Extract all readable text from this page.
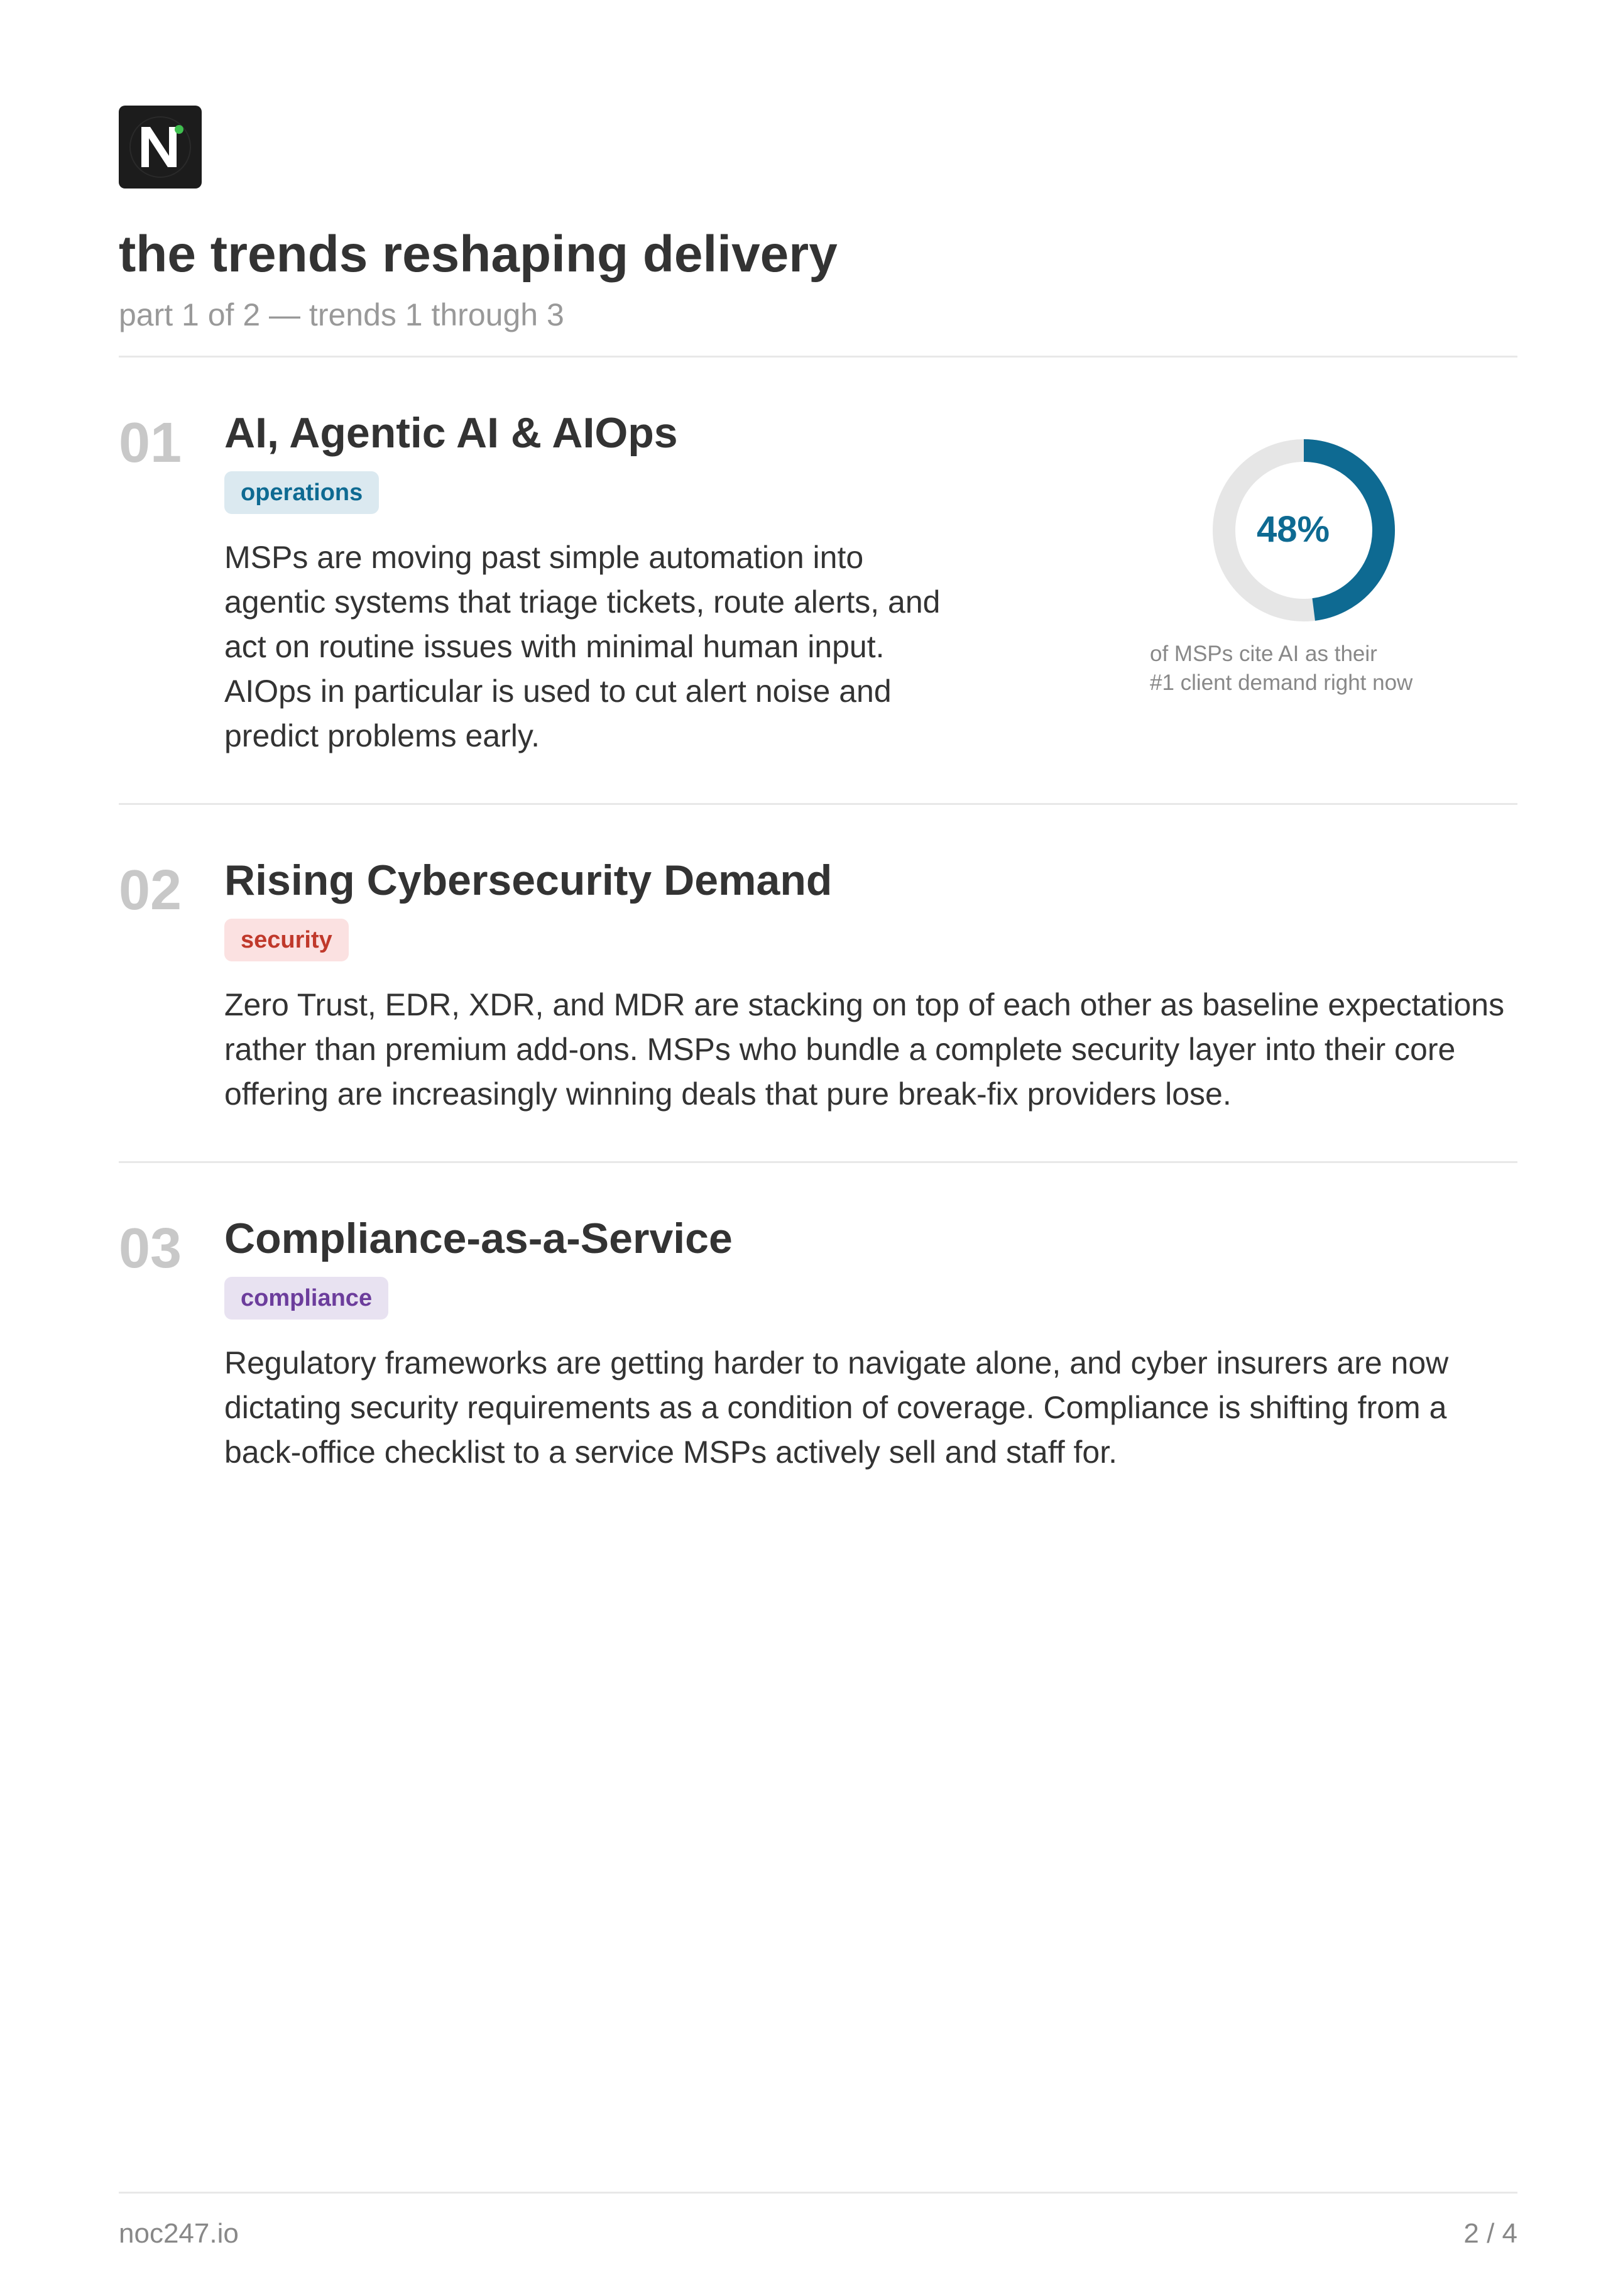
the trends reshaping delivery
part 1 of 2 — trends 1 through 3
01 AI, Agentic AI & AIOps
operations

MSPs are moving past simple automation into agentic systems that triage tickets, route alerts, and act on routine issues with minimal human input. AIOps in particular is used to cut alert noise and predict problems early.

48%
of MSPs cite AI as their
#1 client demand right now
02 Rising Cybersecurity Demand
security

Zero Trust, EDR, XDR, and MDR are stacking on top of each other as baseline expectations rather than premium add-ons. MSPs who bundle a complete security layer into their core offering are increasingly winning deals that pure break-fix providers lose.

03 Compliance-as-a-Service
compliance

Regulatory frameworks are getting harder to navigate alone, and cyber insurers are now dictating security requirements as a condition of coverage. Compliance is shifting from a back-office checklist to a service MSPs actively sell and staff for.

noc247.io	2 / 4
